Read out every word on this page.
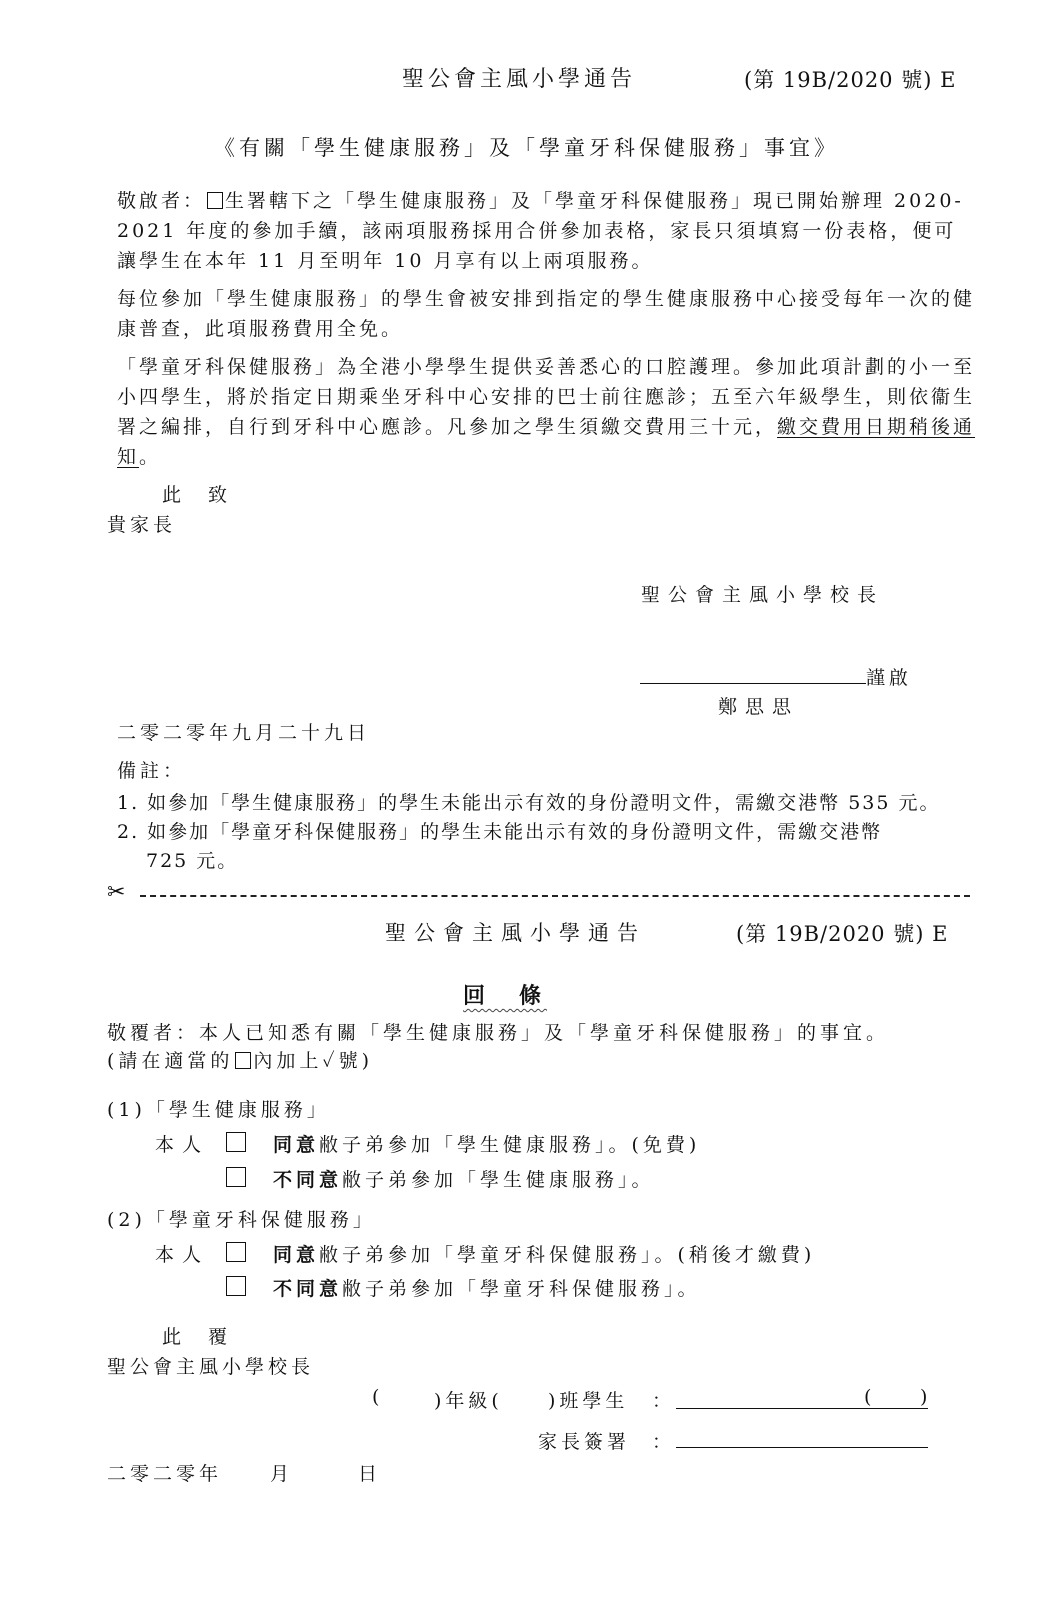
聖公會主風小學通告	(第 19B/2020 號) E
《有關「學生健康服務」及「學童牙科保健服務」事宜》

敬啟者： 生署轄下之「學生健康服務」及「學童牙科保健服務」現已開始辦理 2020-2021 年度的參加手續，該兩項服務採用合併參加表格，家長只須填寫一份表格，便可讓學生在本年 11 月至明年 10 月享有以上兩項服務。

每位參加「學生健康服務」的學生會被安排到指定的學生健康服務中心接受每年一次的健康普查，此項服務費用全免。

「學童牙科保健服務」為全港小學學生提供妥善悉心的口腔護理。參加此項計劃的小一至小四學生，將於指定日期乘坐牙科中心安排的巴士前往應診；五至六年級學生，則依衞生署之編排，自行到牙科中心應診。凡參加之學生須繳交費用三十元，繳交費用日期稍後通知。

此　致
貴家長
聖公會主風小學校長
謹啟
鄭思思
二零二零年九月二十九日
備註：
1. 如參加「學生健康服務」的學生未能出示有效的身份證明文件，需繳交港幣 535 元。
2. 如參加「學童牙科保健服務」的學生未能出示有效的身份證明文件，需繳交港幣
725 元。
✂
聖公會主風小學通告	(第 19B/2020 號) E
回　條
敬覆者：本人已知悉有關「學生健康服務」及「學童牙科保健服務」的事宜。
(請在適當的 內加上✓號)
(1)「學生健康服務」
本人	同意敝子弟參加「學生健康服務」。(免費)
不同意敝子弟參加「學生健康服務」。
(2)「學童牙科保健服務」
本人	同意敝子弟參加「學童牙科保健服務」。(稍後才繳費)
不同意敝子弟參加「學童牙科保健服務」。
此　覆
聖公會主風小學校長
(	)年級( )班學生 ：	(	)
家長簽署 ：
二零二零年	月	日
